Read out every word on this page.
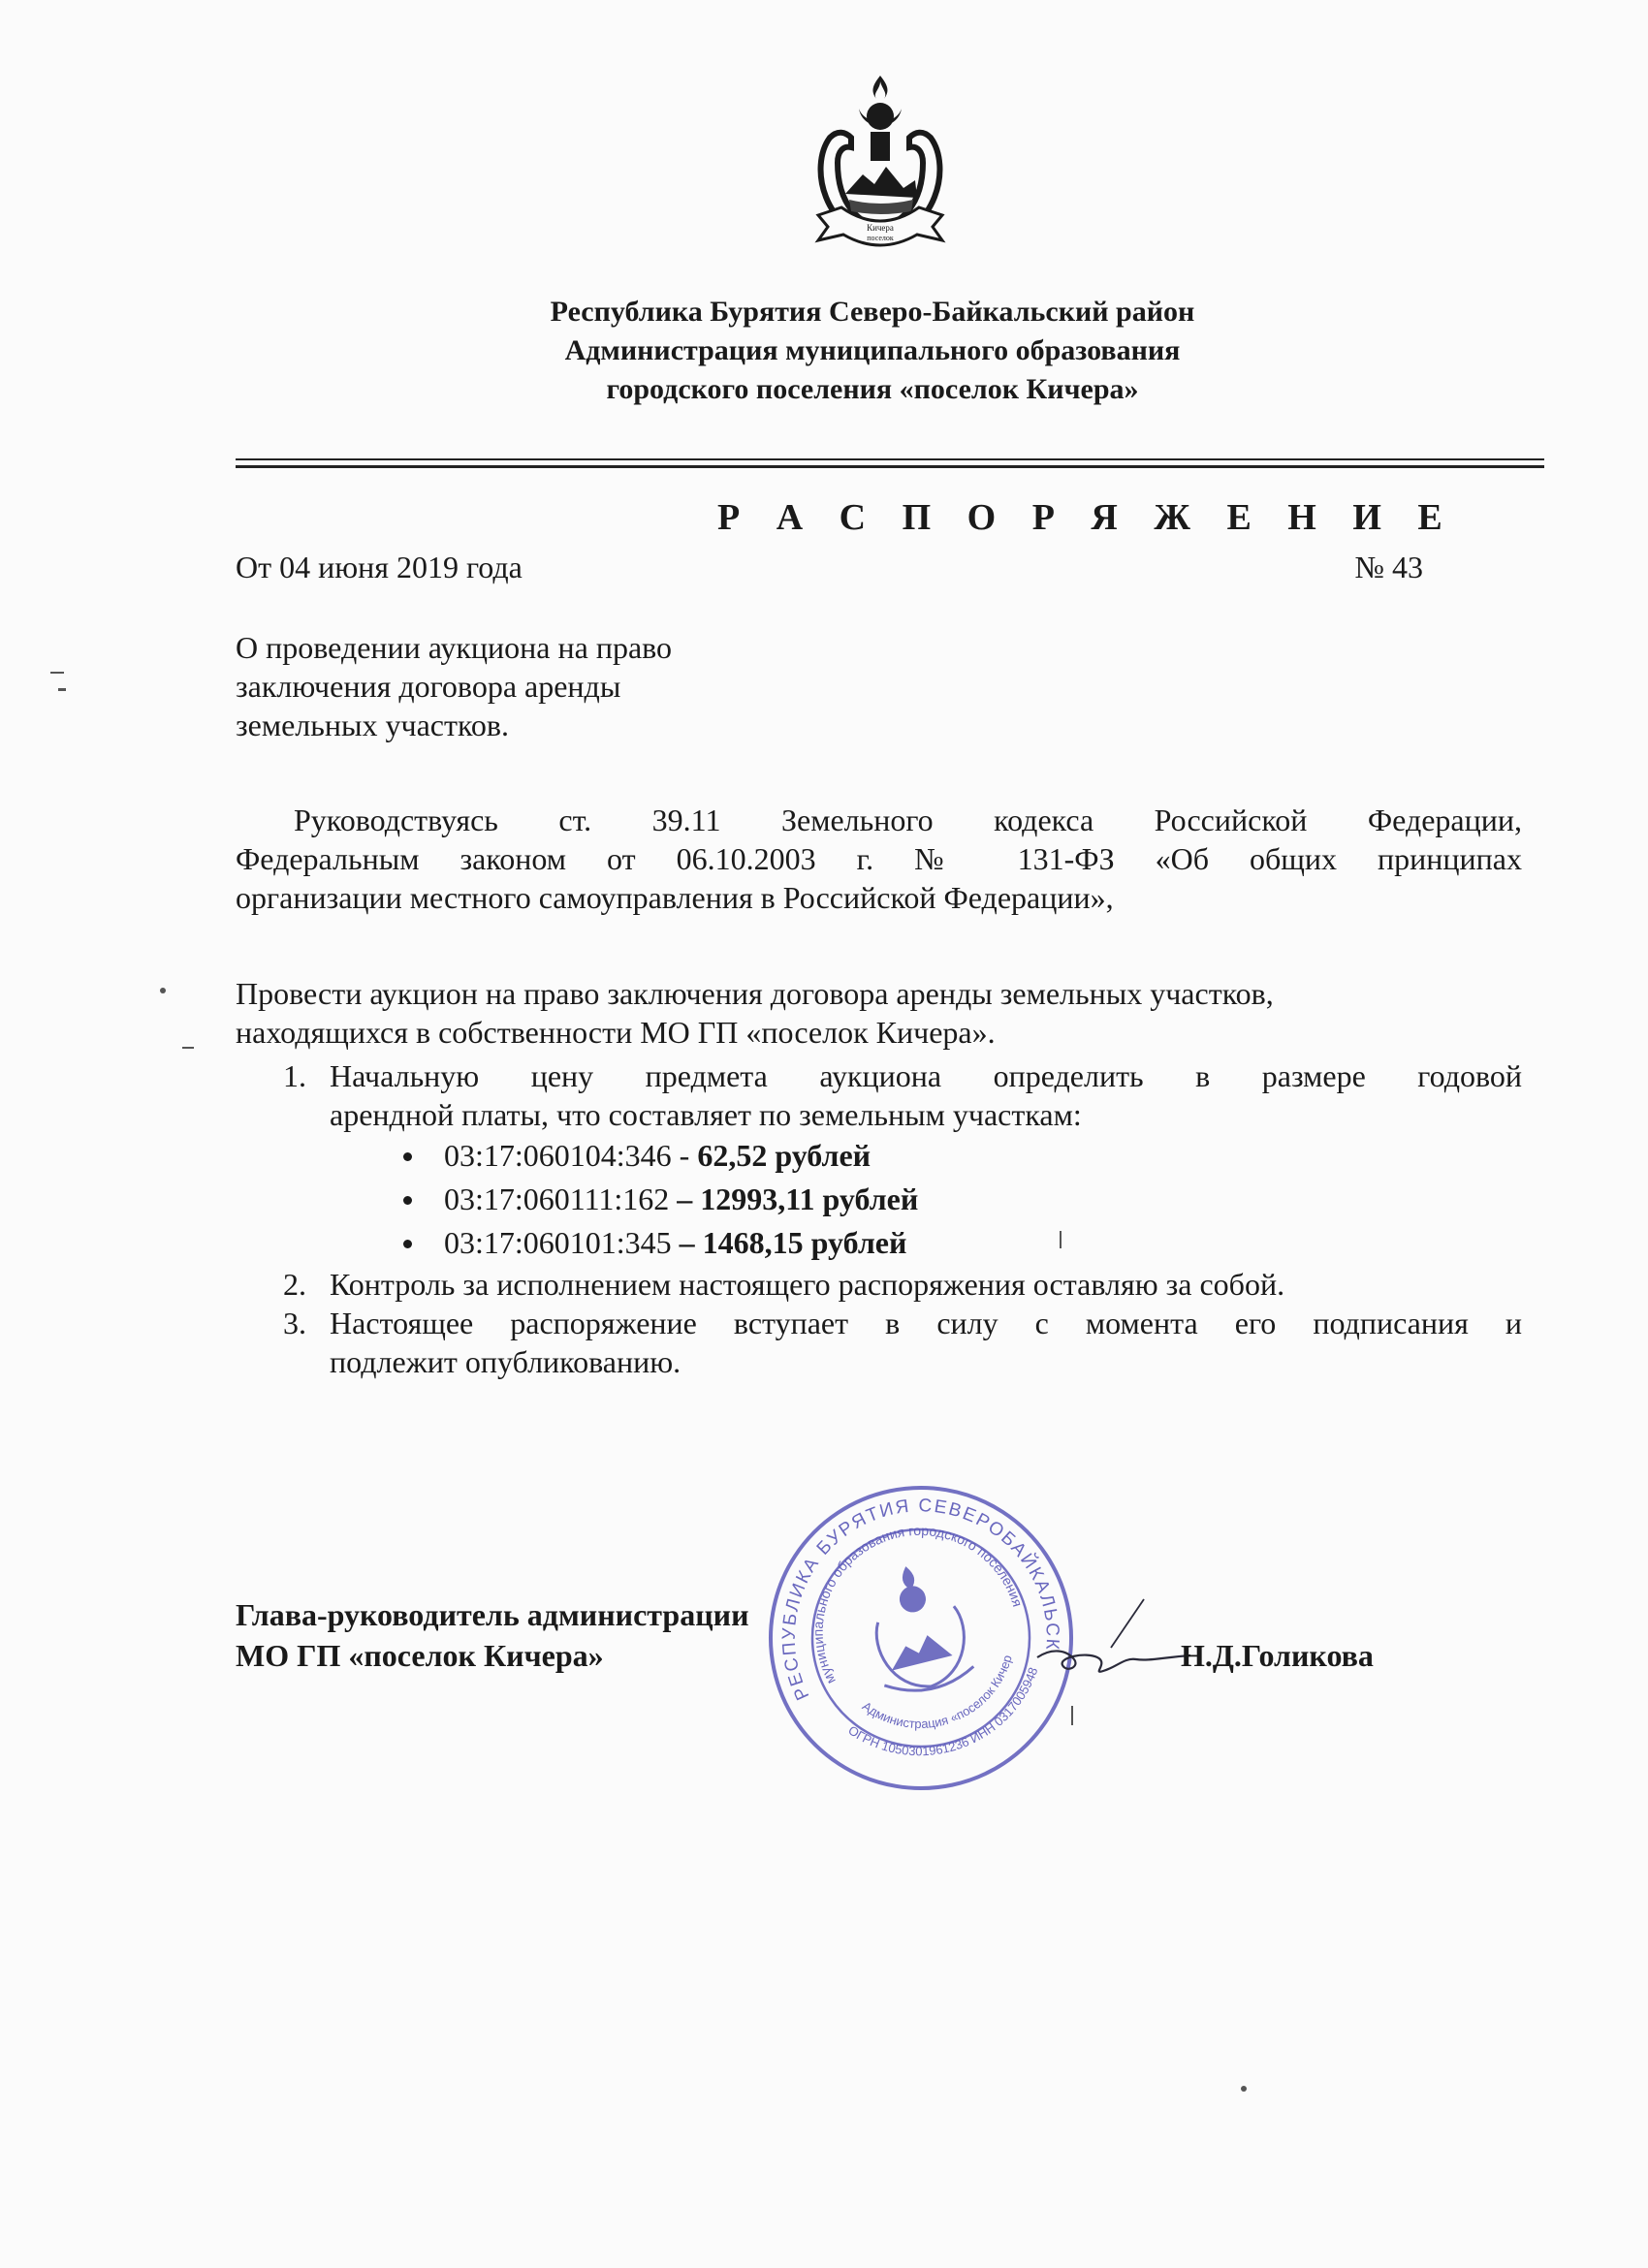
Кичера
поселок
Республика Бурятия Северо-Байкальский район
Администрация муниципального образования
городского поселения «поселок Кичера»
Р А С П О Р Я Ж Е Н И Е
От 04 июня 2019 года	№ 43
О проведении аукциона на право
заключения договора аренды
земельных участков.
Руководствуясь ст. 39.11 Земельного кодекса Российской Федерации,
Федеральным законом от 06.10.2003 г. № 131-ФЗ «Об общих принципах
организации местного самоуправления в Российской Федерации»,
Провести аукцион на право заключения договора аренды земельных участков,
находящихся в собственности МО ГП «поселок Кичера».
1. Начальную цену предмета аукциона определить в размере годовой
арендной платы, что составляет по земельным участкам:
03:17:060104:346 - 62,52 рублей
03:17:060111:162 – 12993,11 рублей
03:17:060101:345 – 1468,15 рублей
2. Контроль за исполнением настоящего распоряжения оставляю за собой.
3. Настоящее распоряжение вступает в силу с момента его подписания и
подлежит опубликованию.
РЕСПУБЛИКА БУРЯТИЯ СЕВЕРОБАЙКАЛЬСКИЙ
муниципального образования городского поселения
ОГРН 1050301961236 ИНН 0317005948
Администрация «поселок Кичера»
Глава-руководитель администрации
МО ГП «поселок Кичера»	Н.Д.Голикова
